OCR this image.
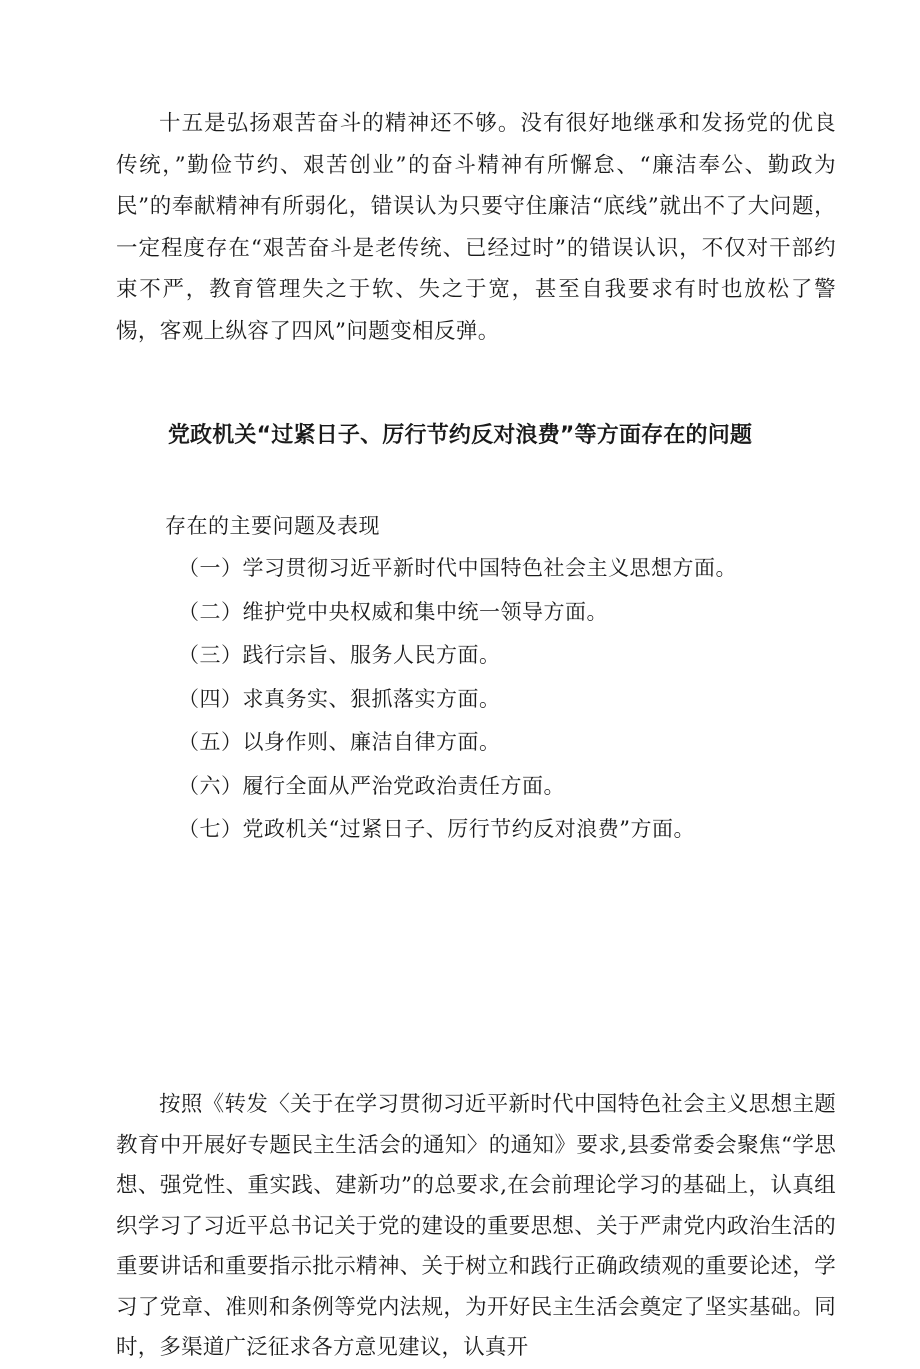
十五是弘扬艰苦奋斗的精神还不够。没有很好地继承和发扬党的优良传统，”勤俭节约、艰苦创业”的奋斗精神有所懈怠、“廉洁奉公、勤政为民”的奉献精神有所弱化，错误认为只要守住廉洁“底线”就出不了大问题，一定程度存在“艰苦奋斗是老传统、已经过时”的错误认识，不仅对干部约束不严，教育管理失之于软、失之于宽，甚至自我要求有时也放松了警惕，客观上纵容了四风”问题变相反弹。

党政机关“过紧日子、厉行节约反对浪费”等方面存在的问题

存在的主要问题及表现

（一）学习贯彻习近平新时代中国特色社会主义思想方面。
（二）维护党中央权威和集中统一领导方面。
（三）践行宗旨、服务人民方面。
（四）求真务实、狠抓落实方面。
（五）以身作则、廉洁自律方面。
（六）履行全面从严治党政治责任方面。
（七）党政机关“过紧日子、厉行节约反对浪费”方面。

按照《转发〈关于在学习贯彻习近平新时代中国特色社会主义思想主题教育中开展好专题民主生活会的通知〉的通知》要求,县委常委会聚焦“学思想、强党性、重实践、建新功”的总要求,在会前理论学习的基础上，认真组织学习了习近平总书记关于党的建设的重要思想、关于严肃党内政治生活的重要讲话和重要指示批示精神、关于树立和践行正确政绩观的重要论述，学习了党章、准则和条例等党内法规，为开好民主生活会奠定了坚实基础。同时，多渠道广泛征求各方意见建议，认真开
